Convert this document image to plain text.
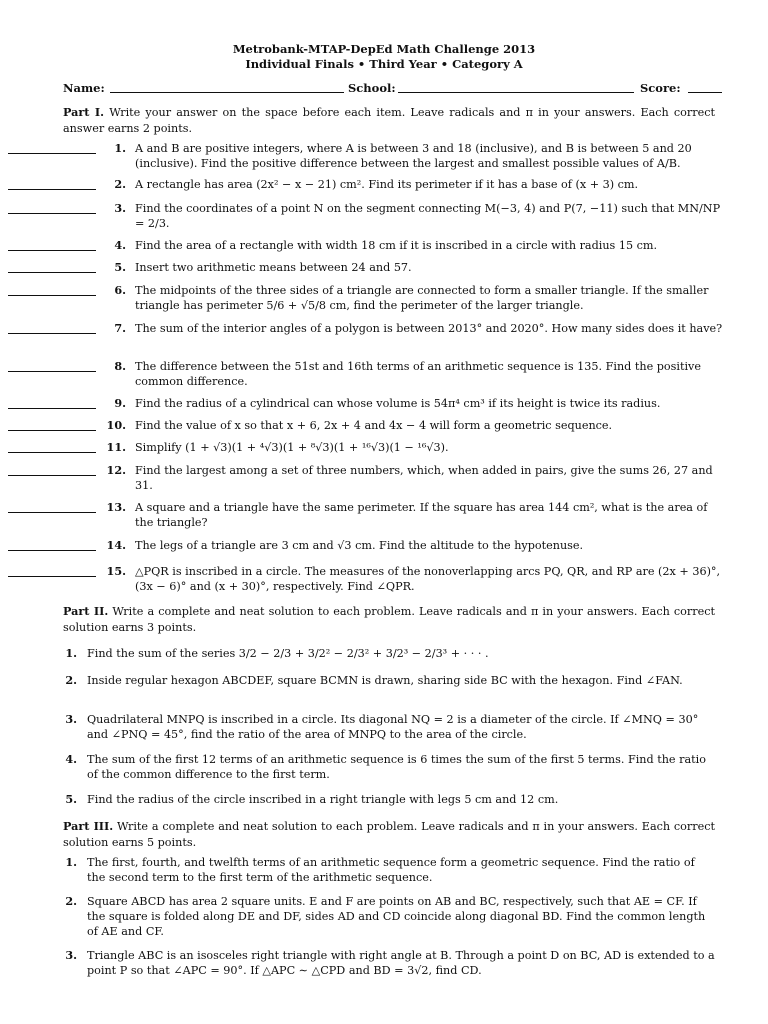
Metrobank-MTAP-DepEd Math Challenge 2013
Individual Finals • Third Year • Category A
Name:	School:	Score:
Part I. Write your answer on the space before each item. Leave radicals and π in your answers. Each correct answer earns 2 points.
1. A and B are positive integers, where A is between 3 and 18 (inclusive), and B is between 5 and 20 (inclusive). Find the positive difference between the largest and smallest possible values of A/B.
2. A rectangle has area (2x² − x − 21) cm². Find its perimeter if it has a base of (x + 3) cm.
3. Find the coordinates of a point N on the segment connecting M(−3, 4) and P(7, −11) such that MN/NP = 2/3.
4. Find the area of a rectangle with width 18 cm if it is inscribed in a circle with radius 15 cm.
5. Insert two arithmetic means between 24 and 57.
6. The midpoints of the three sides of a triangle are connected to form a smaller triangle. If the smaller triangle has perimeter 5/6 + √5/8 cm, find the perimeter of the larger triangle.
7. The sum of the interior angles of a polygon is between 2013° and 2020°. How many sides does it have?
8. The difference between the 51st and 16th terms of an arithmetic sequence is 135. Find the positive common difference.
9. Find the radius of a cylindrical can whose volume is 54π⁴ cm³ if its height is twice its radius.
10. Find the value of x so that x + 6, 2x + 4 and 4x − 4 will form a geometric sequence.
11. Simplify (1 + √3)(1 + ⁴√3)(1 + ⁸√3)(1 + ¹⁶√3)(1 − ¹⁶√3).
12. Find the largest among a set of three numbers, which, when added in pairs, give the sums 26, 27 and 31.
13. A square and a triangle have the same perimeter. If the square has area 144 cm², what is the area of the triangle?
14. The legs of a triangle are 3 cm and √3 cm. Find the altitude to the hypotenuse.
15. △PQR is inscribed in a circle. The measures of the nonoverlapping arcs PQ, QR, and RP are (2x + 36)°, (3x − 6)° and (x + 30)°, respectively. Find ∠QPR.
Part II. Write a complete and neat solution to each problem. Leave radicals and π in your answers. Each correct solution earns 3 points.
1. Find the sum of the series 3/2 − 2/3 + 3/2² − 2/3² + 3/2³ − 2/3³ + · · · .
2. Inside regular hexagon ABCDEF, square BCMN is drawn, sharing side BC with the hexagon. Find ∠FAN.
3. Quadrilateral MNPQ is inscribed in a circle. Its diagonal NQ = 2 is a diameter of the circle. If ∠MNQ = 30° and ∠PNQ = 45°, find the ratio of the area of MNPQ to the area of the circle.
4. The sum of the first 12 terms of an arithmetic sequence is 6 times the sum of the first 5 terms. Find the ratio of the common difference to the first term.
5. Find the radius of the circle inscribed in a right triangle with legs 5 cm and 12 cm.
Part III. Write a complete and neat solution to each problem. Leave radicals and π in your answers. Each correct solution earns 5 points.
1. The first, fourth, and twelfth terms of an arithmetic sequence form a geometric sequence. Find the ratio of the second term to the first term of the arithmetic sequence.
2. Square ABCD has area 2 square units. E and F are points on AB and BC, respectively, such that AE = CF. If the square is folded along DE and DF, sides AD and CD coincide along diagonal BD. Find the common length of AE and CF.
3. Triangle ABC is an isosceles right triangle with right angle at B. Through a point D on BC, AD is extended to a point P so that ∠APC = 90°. If △APC ∼ △CPD and BD = 3√2, find CD.
